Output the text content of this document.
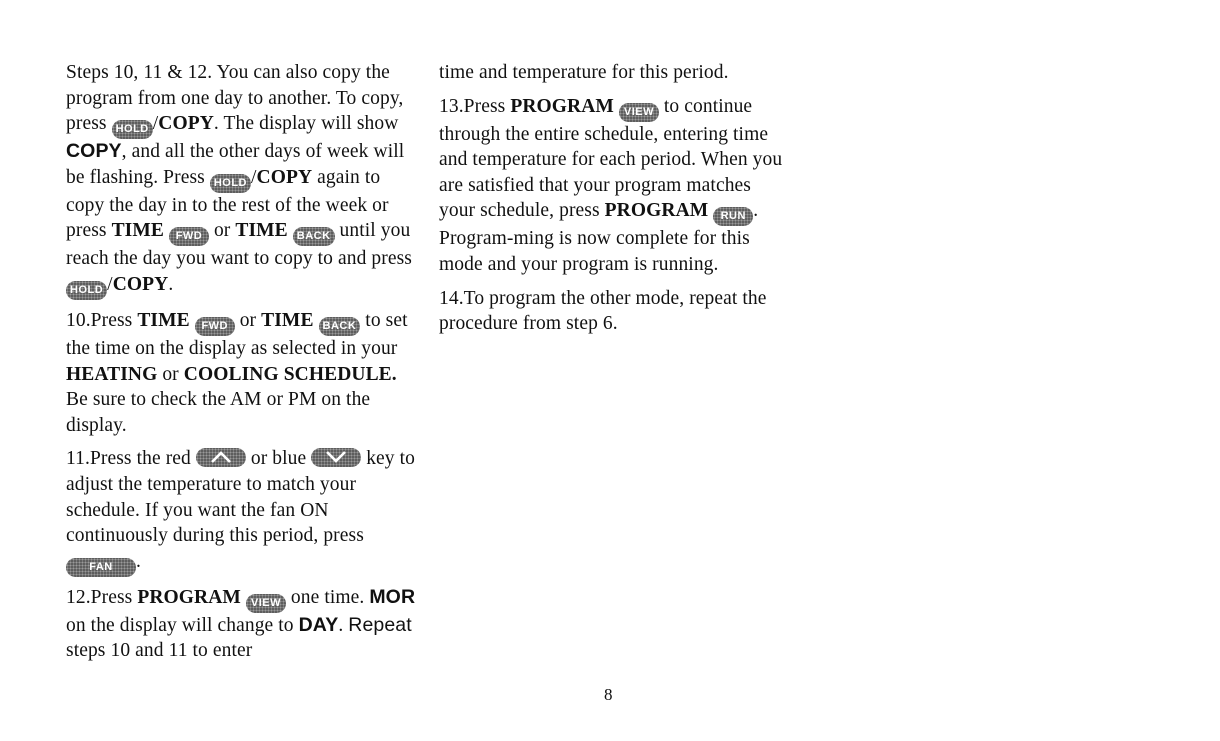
Steps 10, 11 & 12. You can also copy the program from one day to another. To copy, press HOLD /COPY. The display will show COPY, and all the other days of week will be flashing. Press HOLD /COPY again to copy the day in to the rest of the week or press TIME FWD or TIME BACK until you reach the day you want to copy to and press HOLD /COPY.

10.Press TIME FWD or TIME BACK to set the time on the display as selected in your HEATING or COOLING SCHEDULE. Be sure to check the AM or PM on the display.

11.Press the red	or blue	key to adjust the temperature to match your schedule. If you want the fan ON continuously during this period, press FAN .

12.Press PROGRAM VIEW one time. MOR on the display will change to DAY. Repeat steps 10 and 11 to enter

time and temperature for this period.

13.Press PROGRAM VIEW to continue through the entire schedule, entering time and temperature for each period. When you are satisfied that your program matches your schedule, press PROGRAM RUN . Program-ming is now complete for this mode and your program is running.

14.To program the other mode, repeat the procedure from step 6.

8
